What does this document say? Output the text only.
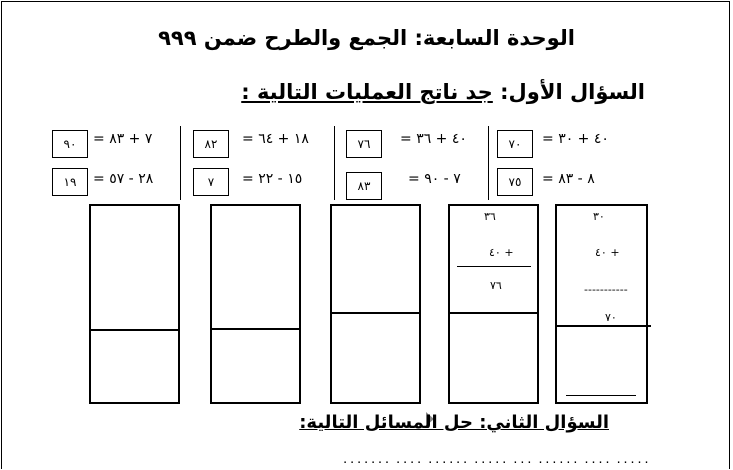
الوحدة السابعة: الجمع والطرح ضمن ٩٩٩
السؤال الأول: جد ناتج العمليات التالية :
٩٠	= ٧ + ٨٣	٨٢	= ١٨ + ٦٤	٧٦	= ٤٠ + ٣٦	٧٠	= ٤٠ + ٣٠
١٩	= ٢٨ - ٥٧	٧	= ١٥ - ٢٢	٨٣	= ٧ - ٩٠	٧٥	= ٨ - ٨٣
٣٦
٤٠ +
٧٦
٣٠
٤٠ +
-----------
٧٠
السؤال الثاني: حل المسائل التالية:
٠٠٠٠٠ ٠٠٠٠ ٠٠٠٠٠٠ ٠٠٠ ٠٠٠٠٠ ٠٠٠٠٠٠ ٠٠٠٠ ٠٠٠٠٠٠٠
